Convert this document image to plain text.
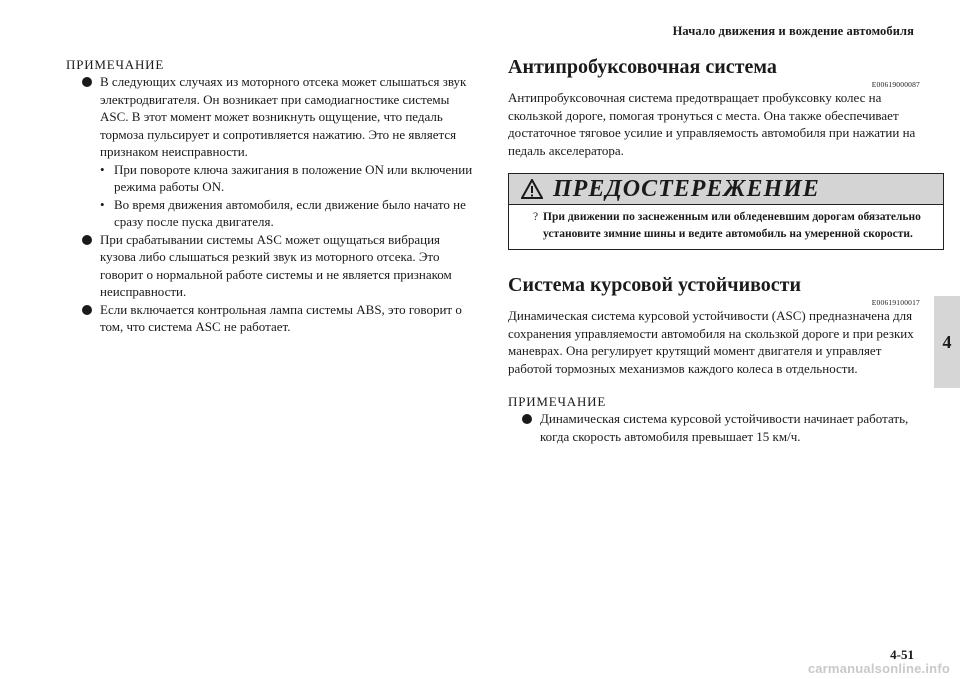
Начало движения и вождение автомобиля
4
ПРИМЕЧАНИЕ
В следующих случаях из моторного отсека может слышаться звук электродвигателя. Он возникает при самодиагностике системы ASC. В этот момент может возникнуть ощущение, что педаль тормоза пульсирует и сопротивляется нажатию. Это не является признаком неисправности.
• При повороте ключа зажигания в положение ON или включении режима работы ON.
• Во время движения автомобиля, если движение было начато не сразу после пуска двигателя.
При срабатывании системы ASC может ощущаться вибрация кузова либо слышаться резкий звук из моторного отсека. Это говорит о нормальной работе системы и не является признаком неисправности.
Если включается контрольная лампа системы ABS, это говорит о том, что система ASC не работает.
Антипробуксовочная система
E00619000087
Антипробуксовочная система предотвращает пробуксовку колес на скользкой дороге, помогая тронуться с места. Она также обеспечивает достаточное тяговое усилие и управляемость автомобиля при нажатии на педаль акселератора.
ПРЕДОСТЕРЕЖЕНИЕ
? При движении по заснеженным или обледеневшим дорогам обязательно установите зимние шины и ведите автомобиль на умеренной скорости.
Система курсовой устойчивости
E00619100017
Динамическая система курсовой устойчивости (ASC) предназначена для сохранения управляемости автомобиля на скользкой дороге и при резких маневрах. Она регулирует крутящий момент двигателя и управляет работой тормозных механизмов каждого колеса в отдельности.
ПРИМЕЧАНИЕ
Динамическая система курсовой устойчивости начинает работать, когда скорость автомобиля превышает 15 км/ч.
4-51
carmanualsonline.info
